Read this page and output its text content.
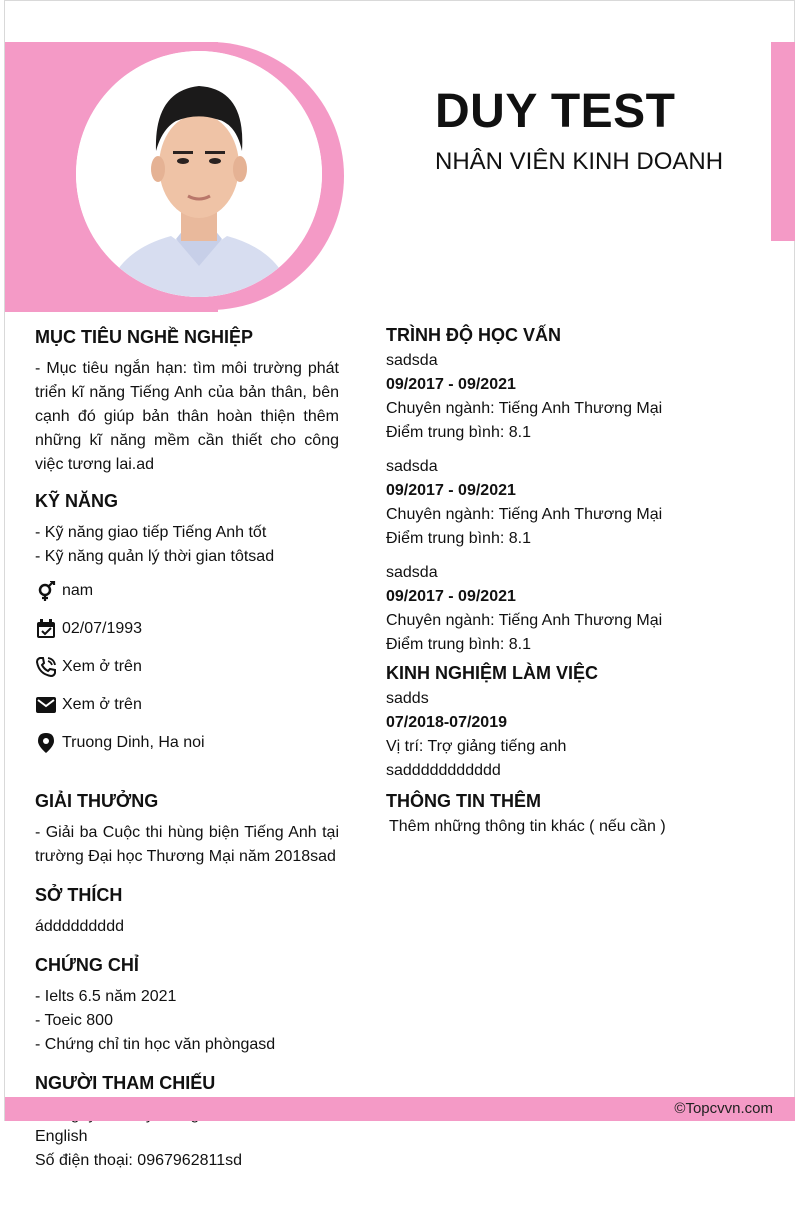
DUY TEST
NHÂN VIÊN KINH DOANH
MỤC TIÊU NGHỀ NGHIỆP

- Mục tiêu ngắn hạn: tìm môi trường phát triển kĩ năng Tiếng Anh của bản thân, bên cạnh đó giúp bản thân hoàn thiện thêm những kĩ năng mềm cần thiết cho công việc tương lai.ad

KỸ NĂNG

- Kỹ năng giao tiếp Tiếng Anh tốt

- Kỹ năng quản lý thời gian tôtsad

nam
02/07/1993
Xem ở trên
Xem ở trên
Truong Dinh, Ha noi
GIẢI THƯỞNG

- Giải ba Cuộc thi hùng biện Tiếng Anh tại trường Đại học Thương Mại năm 2018sad

SỞ THÍCH

áddddddddd

CHỨNG CHỈ

- Ielts 6.5 năm 2021

- Toeic 800

- Chứng chỉ tin học văn phòngasd

NGƯỜI THAM CHIẾU

TRÌNH ĐỘ HỌC VẤN

sadsda

09/2017 - 09/2021

Chuyên ngành: Tiếng Anh Thương Mại

Điểm trung bình: 8.1

sadsda

09/2017 - 09/2021

Chuyên ngành: Tiếng Anh Thương Mại

Điểm trung bình: 8.1

sadsda

09/2017 - 09/2021

Chuyên ngành: Tiếng Anh Thương Mại

Điểm trung bình: 8.1

KINH NGHIỆM LÀM VIỆC

sadds

07/2018-07/2019

Vị trí: Trợ giảng tiếng anh

saddddddddddd

THÔNG TIN THÊM

Thêm những thông tin khác ( nếu cần )

©Topcvvn.com
English
Số điện thoại: 0967962811sd
